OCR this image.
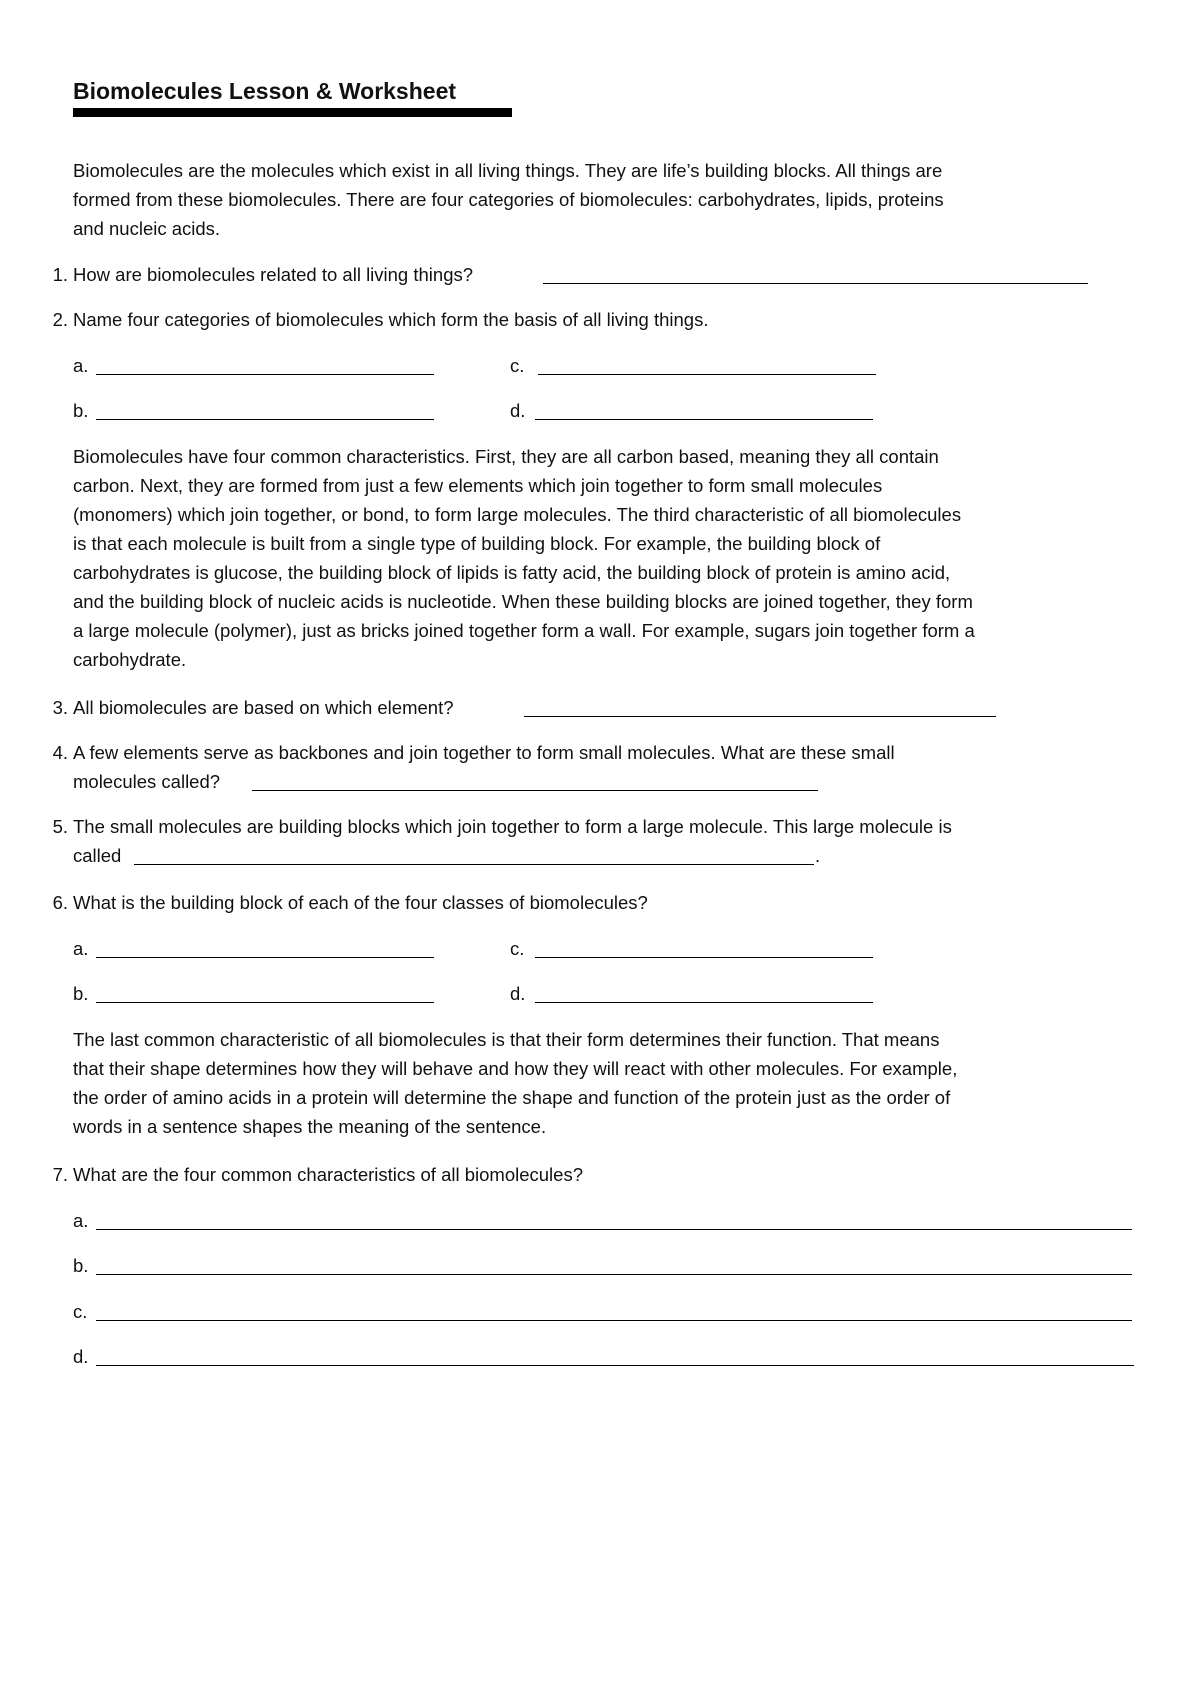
Biomolecules Lesson & Worksheet

Biomolecules are the molecules which exist in all living things. They are life’s building blocks. All things are

formed from these biomolecules. There are four categories of biomolecules: carbohydrates, lipids, proteins

and nucleic acids.

1. How are biomolecules related to all living things?
2. Name four categories of biomolecules which form the basis of all living things.
a.	c.
b.	d.

Biomolecules have four common characteristics. First, they are all carbon based, meaning they all contain

carbon. Next, they are formed from just a few elements which join together to form small molecules

(monomers) which join together, or bond, to form large molecules. The third characteristic of all biomolecules

is that each molecule is built from a single type of building block. For example, the building block of

carbohydrates is glucose, the building block of lipids is fatty acid, the building block of protein is amino acid,

and the building block of nucleic acids is nucleotide. When these building blocks are joined together, they form

a large molecule (polymer), just as bricks joined together form a wall. For example, sugars join together form a

carbohydrate.

3. All biomolecules are based on which element?
4. A few elements serve as backbones and join together to form small molecules. What are these small
molecules called?
5. The small molecules are building blocks which join together to form a large molecule. This large molecule is
called	.
6. What is the building block of each of the four classes of biomolecules?
a.	c.
b.	d.

The last common characteristic of all biomolecules is that their form determines their function. That means

that their shape determines how they will behave and how they will react with other molecules. For example,

the order of amino acids in a protein will determine the shape and function of the protein just as the order of

words in a sentence shapes the meaning of the sentence.

7. What are the four common characteristics of all biomolecules?
a.
b.
c.
d.
